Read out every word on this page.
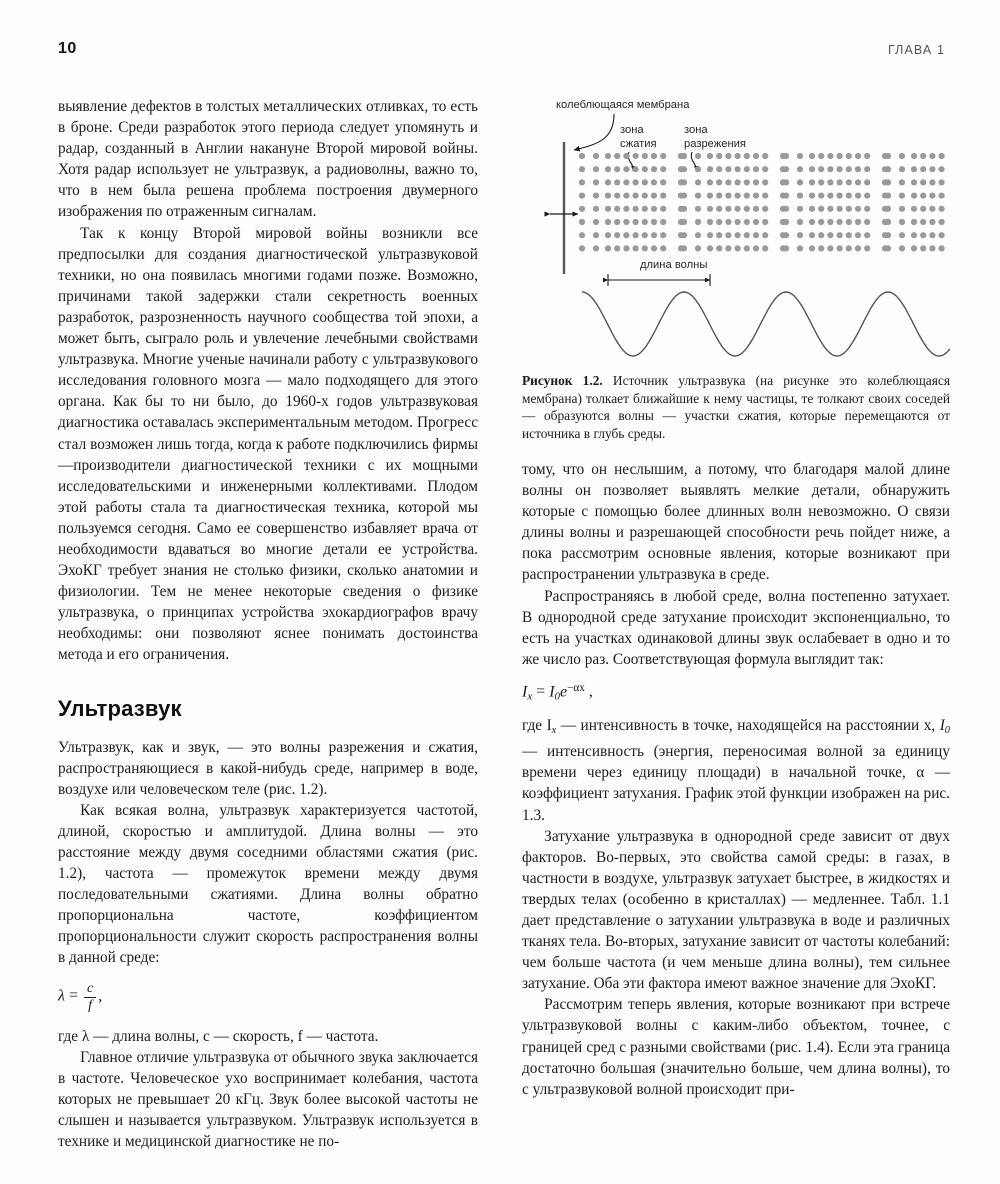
10	ГЛАВА 1

выявление дефектов в толстых металлических отливках, то есть в броне. Среди разработок этого периода следует упомянуть и радар, созданный в Англии накануне Второй мировой войны. Хотя радар использует не ультразвук, а радиоволны, важно то, что в нем была решена проблема построения двумерного изображения по отраженным сигналам.

Так к концу Второй мировой войны возникли все предпосылки для создания диагностической ультразвуковой техники, но она появилась многими годами позже. Возможно, причинами такой задержки стали секретность военных разработок, разрозненность научного сообщества той эпохи, а может быть, сыграло роль и увлечение лечебными свойствами ультразвука. Многие ученые начинали работу с ультразвукового исследования головного мозга — мало подходящего для этого органа. Как бы то ни было, до 1960-х годов ультразвуковая диагностика оставалась экспериментальным методом. Прогресс стал возможен лишь тогда, когда к работе подключились фирмы—производители диагностической техники с их мощными исследовательскими и инженерными коллективами. Плодом этой работы стала та диагностическая техника, которой мы пользуемся сегодня. Само ее совершенство избавляет врача от необходимости вдаваться во многие детали ее устройства. ЭхоКГ требует знания не столько физики, сколько анатомии и физиологии. Тем не менее некоторые сведения о физике ультразвука, о принципах устройства эхокардиографов врачу необходимы: они позволяют яснее понимать достоинства метода и его ограничения.

Ультразвук

Ультразвук, как и звук, — это волны разрежения и сжатия, распространяющиеся в какой-нибудь среде, например в воде, воздухе или человеческом теле (рис. 1.2).

Как всякая волна, ультразвук характеризуется частотой, длиной, скоростью и амплитудой. Длина волны — это расстояние между двумя соседними областями сжатия (рис. 1.2), частота — промежуток времени между двумя последовательными сжатиями. Длина волны обратно пропорциональна частоте, коэффициентом пропорциональности служит скорость распространения волны в данной среде:

$\lambda = \frac{c}{f}$ ,

где λ — длина волны, c — скорость, f — частота.

Главное отличие ультразвука от обычного звука заключается в частоте. Человеческое ухо воспринимает колебания, частота которых не превышает 20 кГц. Звук более высокой частоты не слышен и называется ультразвуком. Ультразвук используется в технике и медицинской диагностике не по-

колеблющаяся мембрана
зона
сжатия
зона
разрежения
длина волны
Рисунок 1.2. Источник ультразвука (на рисунке это колеблющаяся мембрана) толкает ближайшие к нему частицы, те толкают своих соседей — образуются волны — участки сжатия, которые перемещаются от источника в глубь среды.

тому, что он неслышим, а потому, что благодаря малой длине волны он позволяет выявлять мелкие детали, обнаружить которые с помощью более длинных волн невозможно. О связи длины волны и разрешающей способности речь пойдет ниже, а пока рассмотрим основные явления, которые возникают при распространении ультразвука в среде.

Распространяясь в любой среде, волна постепенно затухает. В однородной среде затухание происходит экспоненциально, то есть на участках одинаковой длины звук ослабевает в одно и то же число раз. Соответствующая формула выглядит так:

$I_x = I_0e^{-\alpha x}$ ,

где $I_x$ — интенсивность в точке, находящейся на расстоянии x, $I_0$ — интенсивность (энергия, переносимая волной за единицу времени через единицу площади) в начальной точке, α — коэффициент затухания. График этой функции изображен на рис. 1.3.

Затухание ультразвука в однородной среде зависит от двух факторов. Во-первых, это свойства самой среды: в газах, в частности в воздухе, ультразвук затухает быстрее, в жидкостях и твердых телах (особенно в кристаллах) — медленнее. Табл. 1.1 дает представление о затухании ультразвука в воде и различных тканях тела. Во-вторых, затухание зависит от частоты колебаний: чем больше частота (и чем меньше длина волны), тем сильнее затухание. Оба эти фактора имеют важное значение для ЭхоКГ.

Рассмотрим теперь явления, которые возникают при встрече ультразвуковой волны с каким-либо объектом, точнее, с границей сред с разными свойствами (рис. 1.4). Если эта граница достаточно большая (значительно больше, чем длина волны), то с ультразвуковой волной происходит при-
